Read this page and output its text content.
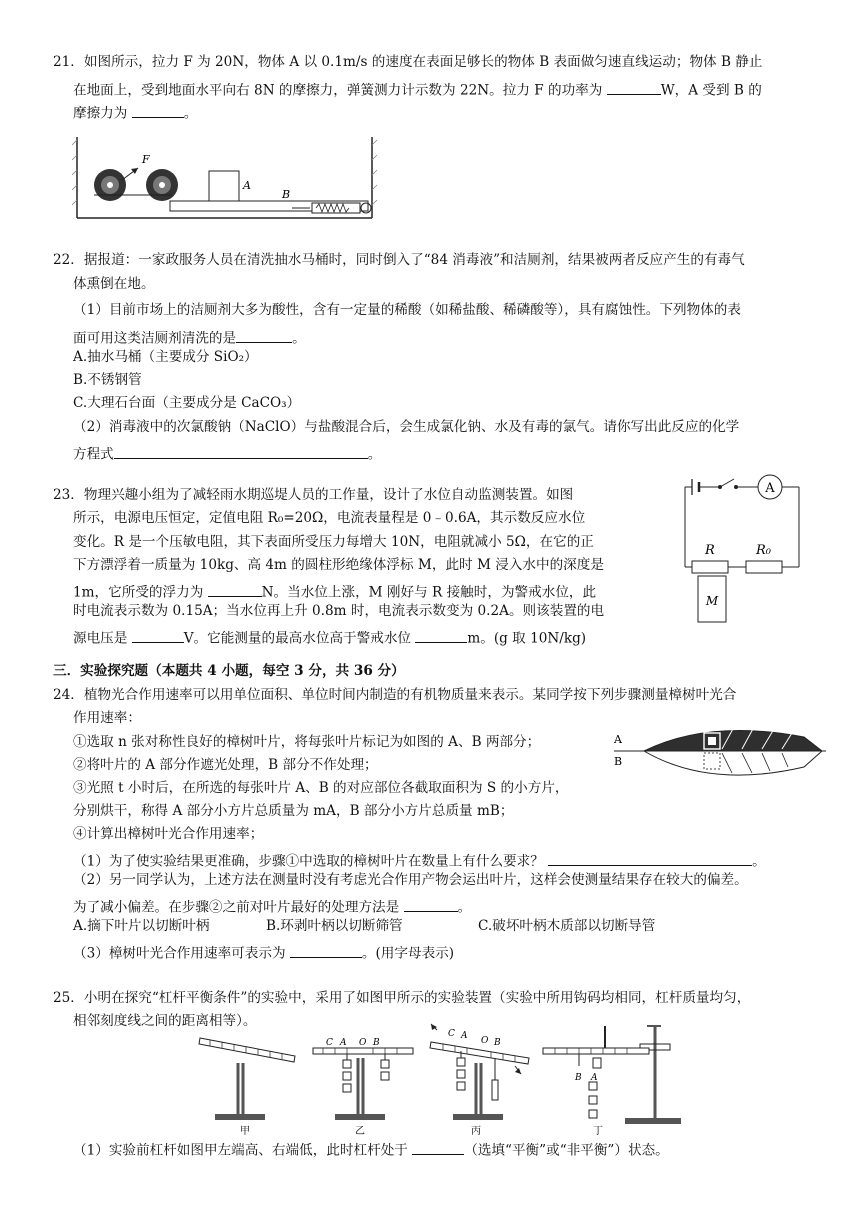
21．如图所示，拉力 F 为 20N，物体 A 以 0.1m/s 的速度在表面足够长的物体 B 表面做匀速直线运动；物体 B 静止
在地面上，受到地面水平向右 8N 的摩擦力，弹簧测力计示数为 22N。拉力 F 的功率为	W，A 受到 B 的
摩擦力为	。
A
B
F
22．据报道：一家政服务人员在清洗抽水马桶时，同时倒入了“84 消毒液”和洁厕剂，结果被两者反应产生的有毒气
体熏倒在地。
（1）目前市场上的洁厕剂大多为酸性，含有一定量的稀酸（如稀盐酸、稀磷酸等），具有腐蚀性。下列物体的表
面可用这类洁厕剂清洗的是	。
A.抽水马桶（主要成分 SiO₂）
B.不锈钢管
C.大理石台面（主要成分是 CaCO₃）
（2）消毒液中的次氯酸钠（NaClO）与盐酸混合后，会生成氯化钠、水及有毒的氯气。请你写出此反应的化学
方程式	。
23．物理兴趣小组为了减轻雨水期巡堤人员的工作量，设计了水位自动监测装置。如图
所示，电源电压恒定，定值电阻 R₀=20Ω，电流表量程是 0﹣0.6A，其示数反应水位
变化。R 是一个压敏电阻，其下表面所受压力每增大 10N，电阻就减小 5Ω，在它的正
下方漂浮着一质量为 10kg、高 4m 的圆柱形绝缘体浮标 M，此时 M 浸入水中的深度是
1m，它所受的浮力为	N。当水位上涨，M 刚好与 R 接触时，为警戒水位，此
时电流表示数为 0.15A；当水位再上升 0.8m 时，电流表示数变为 0.2A。则该装置的电
源电压是	V。它能测量的最高水位高于警戒水位	m。(g 取 10N/kg)
A
R	R₀
M
三．实验探究题（本题共 4 小题，每空 3 分，共 36 分）
24．植物光合作用速率可以用单位面积、单位时间内制造的有机物质量来表示。某同学按下列步骤测量樟树叶光合
作用速率：
①选取 n 张对称性良好的樟树叶片，将每张叶片标记为如图的 A、B 两部分；
②将叶片的 A 部分作遮光处理，B 部分不作处理；
③光照 t 小时后，在所选的每张叶片 A、B 的对应部位各截取面积为 S 的小方片，
分别烘干，称得 A 部分小方片总质量为 mA，B 部分小方片总质量 mB；
④计算出樟树叶光合作用速率；
（1）为了使实验结果更准确，步骤①中选取的樟树叶片在数量上有什么要求？	。
（2）另一同学认为，上述方法在测量时没有考虑光合作用产物会运出叶片，这样会使测量结果存在较大的偏差。
为了减小偏差。在步骤②之前对叶片最好的处理方法是	。
A.摘下叶片以切断叶柄	B.环剥叶柄以切断筛管	C.破坏叶柄木质部以切断导管
（3）樟树叶光合作用速率可表示为	。(用字母表示)
A
B
25．小明在探究“杠杆平衡条件”的实验中，采用了如图甲所示的实验装置（实验中所用钩码均相同，杠杆质量均匀，
相邻刻度线之间的距离相等）。
甲
C A O B
乙
C A O B
丙
B A
丁
（1）实验前杠杆如图甲左端高、右端低，此时杠杆处于	（选填“平衡”或“非平衡”）状态。
